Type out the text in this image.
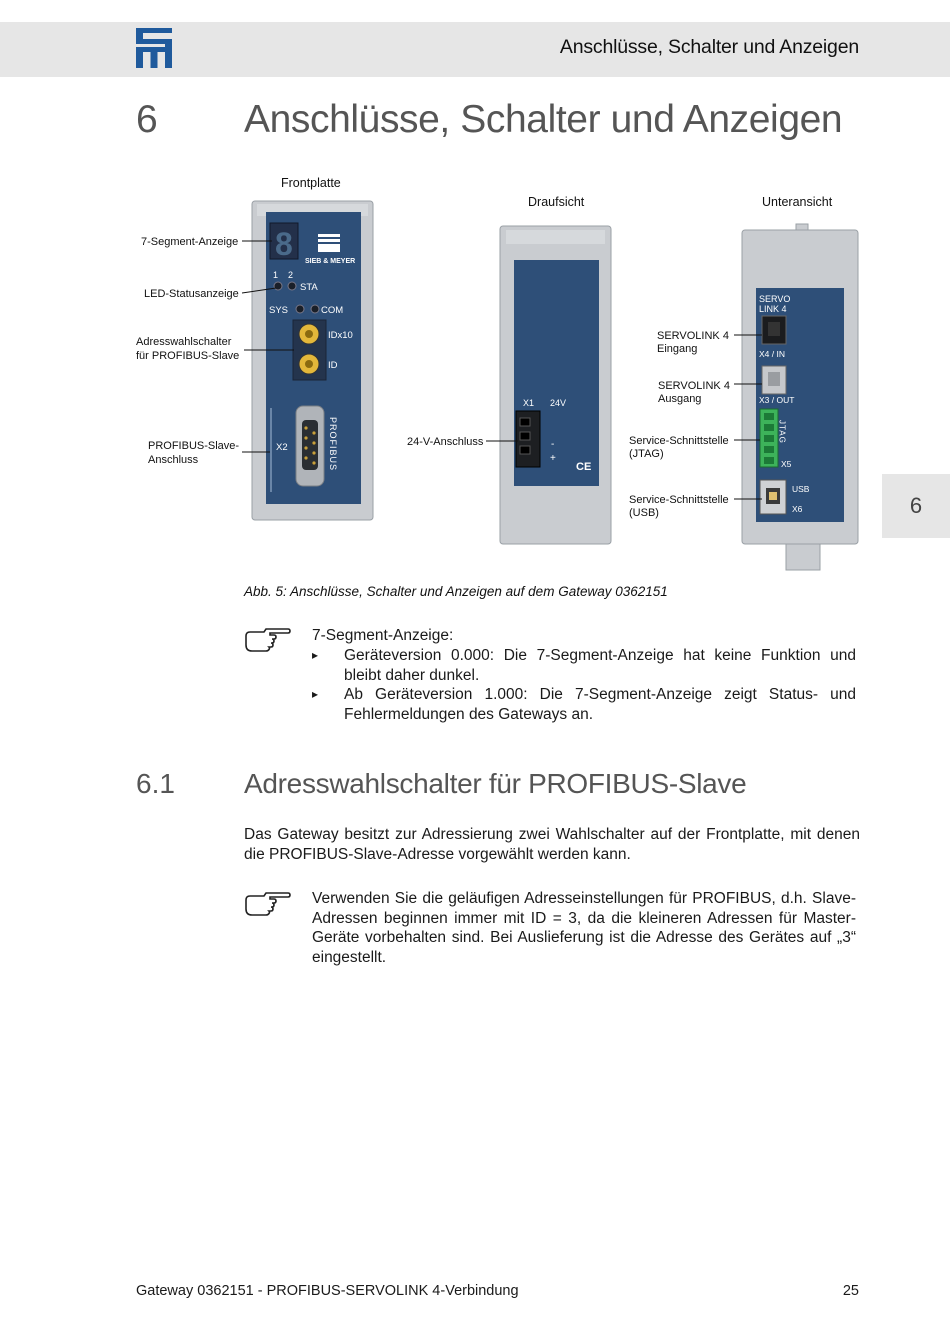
Anschlüsse, Schalter und Anzeigen
6
6 Anschlüsse, Schalter und Anzeigen
Frontplatte
Draufsicht	Unteransicht
8 SIEB & MEYER
1 2
STA
SYS	COM
IDx10
ID
X2	PROFIBUS
7-Segment-Anzeige
LED-Statusanzeige
Adresswahlschalter
für PROFIBUS-Slave
PROFIBUS-Slave-
Anschluss
X1 24V
-
+
CE
24-V-Anschluss
SERVO
LINK 4
X4 / IN
X3 / OUT
JTAG
X5
USB
X6
SERVOLINK 4
Eingang
SERVOLINK 4
Ausgang
Service-Schnittstelle
(JTAG)
Service-Schnittstelle
(USB)
Abb. 5: Anschlüsse, Schalter und Anzeigen auf dem Gateway 0362151
7-Segment-Anzeige:
▸ Geräteversion 0.000: Die 7-Segment-Anzeige hat keine Funktion und bleibt daher dunkel.
▸ Ab Geräteversion 1.000: Die 7-Segment-Anzeige zeigt Status- und Fehlermeldungen des Gateways an.
6.1 Adresswahlschalter für PROFIBUS-Slave
Das Gateway besitzt zur Adressierung zwei Wahlschalter auf der Frontplatte, mit denen die PROFIBUS-Slave-Adresse vorgewählt werden kann.
Verwenden Sie die geläufigen Adresseinstellungen für PROFIBUS, d.h. Slave-Adressen beginnen immer mit ID = 3, da die kleineren Adressen für Master-Geräte vorbehalten sind. Bei Auslieferung ist die Adresse des Gerätes auf „3“ eingestellt.
Gateway 0362151 - PROFIBUS-SERVOLINK 4-Verbindung	25
